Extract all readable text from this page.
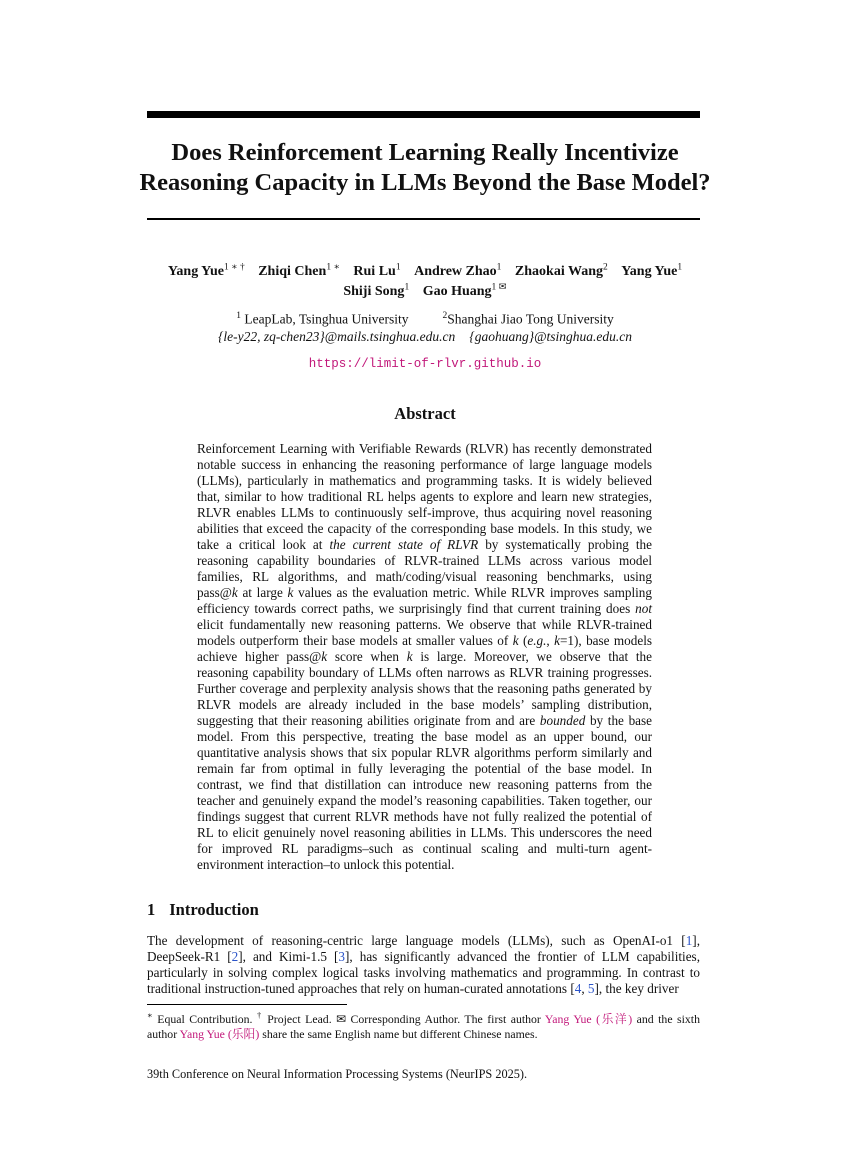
Does Reinforcement Learning Really Incentivize
Reasoning Capacity in LLMs Beyond the Base Model?
Yang Yue$^{1 ∗ \dagger}$ Zhiqi Chen$^{1 ∗}$ Rui Lu$^1$ Andrew Zhao$^1$ Zhaokai Wang$^2$ Yang Yue$^1$
Shiji Song$^1$ Gao Huang$^{1 ✉}$
$^1$ LeapLab, Tsinghua University	$^2$Shanghai Jiao Tong University
{le-y22, zq-chen23}@mails.tsinghua.edu.cn {gaohuang}@tsinghua.edu.cn
https://limit-of-rlvr.github.io
Abstract

Reinforcement Learning with Verifiable Rewards (RLVR) has recently demonstrated notable success in enhancing the reasoning performance of large language models (LLMs), particularly in mathematics and programming tasks. It is widely believed that, similar to how traditional RL helps agents to explore and learn new strategies, RLVR enables LLMs to continuously self-improve, thus acquiring novel reasoning abilities that exceed the capacity of the corresponding base models. In this study, we take a critical look at the current state of RLVR by systematically probing the reasoning capability boundaries of RLVR-trained LLMs across various model families, RL algorithms, and math/coding/visual reasoning benchmarks, using pass@k at large k values as the evaluation metric. While RLVR improves sampling efficiency towards correct paths, we surprisingly find that current training does not elicit fundamentally new reasoning patterns. We observe that while RLVR-trained models outperform their base models at smaller values of k (e.g., k=1), base models achieve higher pass@k score when k is large. Moreover, we observe that the reasoning capability boundary of LLMs often narrows as RLVR training progresses. Further coverage and perplexity analysis shows that the reasoning paths generated by RLVR models are already included in the base models’ sampling distribution, suggesting that their reasoning abilities originate from and are bounded by the base model. From this perspective, treating the base model as an upper bound, our quantitative analysis shows that six popular RLVR algorithms perform similarly and remain far from optimal in fully leveraging the potential of the base model. In contrast, we find that distillation can introduce new reasoning patterns from the teacher and genuinely expand the model’s reasoning capabilities. Taken together, our findings suggest that current RLVR methods have not fully realized the potential of RL to elicit genuinely novel reasoning abilities in LLMs. This underscores the need for improved RL paradigms–such as continual scaling and multi-turn agent-environment interaction–to unlock this potential.

1 Introduction

The development of reasoning-centric large language models (LLMs), such as OpenAI-o1 [1], DeepSeek-R1 [2], and Kimi-1.5 [3], has significantly advanced the frontier of LLM capabilities, particularly in solving complex logical tasks involving mathematics and programming. In contrast to traditional instruction-tuned approaches that rely on human-curated annotations [4, 5], the key driver

∗ Equal Contribution. † Project Lead. ✉ Corresponding Author. The first author Yang Yue (乐洋) and the sixth author Yang Yue (乐阳) share the same English name but different Chinese names.

39th Conference on Neural Information Processing Systems (NeurIPS 2025).
